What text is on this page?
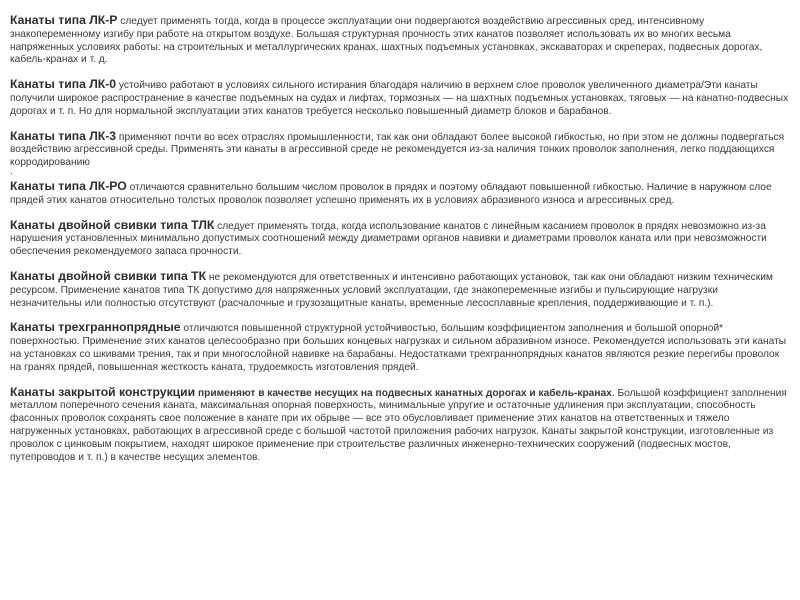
Канаты типа ЛК-Р следует применять тогда, когда в процессе эксплуатации они подвергаются воздействию агрессивных сред, интенсивному знакопеременному изгибу при работе на открытом воздухе. Большая структурная прочность этих канатов позволяет использовать их во многих весьма напряженных условиях работы: на строительных и металлургических кранах, шахтных подъемных установках, экскаваторах и скреперах, подвесных дорогах, кабель-кранах и т. д.

Канаты типа ЛК-0 устойчиво работают в условиях сильного истирания благодаря наличию в верхнем слое проволок увеличенного диаметра/Эти канаты получили широкое распространение в качестве подъемных на судах и лифтах, тормозных — на шахтных подъемных установках, тяговых — на канатно-подвесных дорогах и т. п. Но для нормальной эксплуатации этих канатов требуется несколько повышенный диаметр блоков и барабанов.

Канаты типа ЛК-3 применяют почти во всех отраслях промышленности, так как они обладают более высокой гибкостью, но при этом не должны подвергаться воздействию агрессивной среды. Применять эти канаты в агрессивной среде не рекомендуется из-за наличия тонких проволок заполнения, легко поддающихся корродированию

.

Канаты типа ЛК-РО отличаются сравнительно большим числом проволок в прядях и поэтому обладают повышенной гибкостью. Наличие в наружном слое прядей этих канатов относительно толстых проволок позволяет успешно применять их в условиях абразивного износа и агрессивных сред.

Канаты двойной свивки типа ТЛК следует применять тогда, когда использование канатов с линейным касанием проволок в прядях невозможно из-за нарушения установленных минимально допустимых соотношений между диаметрами органов навивки и диаметрами проволок каната или при невозможности обеспечения рекомендуемого запаса прочности.

Канаты двойной свивки типа ТК не рекомендуются для ответственных и интенсивно работающих установок, так как они обладают низким техническим ресурсом. Применение канатов типа ТК допустимо для напряженных условий эксплуатации, где знакопеременные изгибы и пульсирующие нагрузки незначительны или полностью отсутствуют (расчалочные и грузозащитные канаты, временные лесосплавные крепления, поддерживающие и т. п.).

Канаты трехграннопрядные отличаются повышенной структурной устойчивостью, большим коэффициентом заполнения и большой опорной* поверхностью. Применение этих канатов целесообразно при больших концевых нагрузках и сильном абразивном износе. Рекомендуется использовать эти канаты на установках со шкивами трения, так и при многослойной навивке на барабаны. Недостатками трехграннопрядных канатов являются резкие перегибы проволок на гранях прядей, повышенная жесткость каната, трудоемкость изготовления прядей.

Канаты закрытой конструкции применяют в качестве несущих на подвесных канатных дорогах и кабель-кранах. Большой коэффициент заполнения металлом поперечного сечения каната, максимальная опорная поверхность, минимальные упругие и остаточные удлинения при эксплуатации, способность фасонных проволок сохранять свое положение в канате при их обрыве — все это обусловливает применение этих канатов на ответственных и тяжело нагруженных установках, работающих в агрессивной среде с большой частотой приложения рабочих нагрузок. Канаты закрытой конструкции, изготовленные из проволок с цинковым покрытием, находят широкое применение при строительстве различных инженерно-технических сооружений (подвесных мостов, путепроводов и т. п.) в качестве несущих элементов.
